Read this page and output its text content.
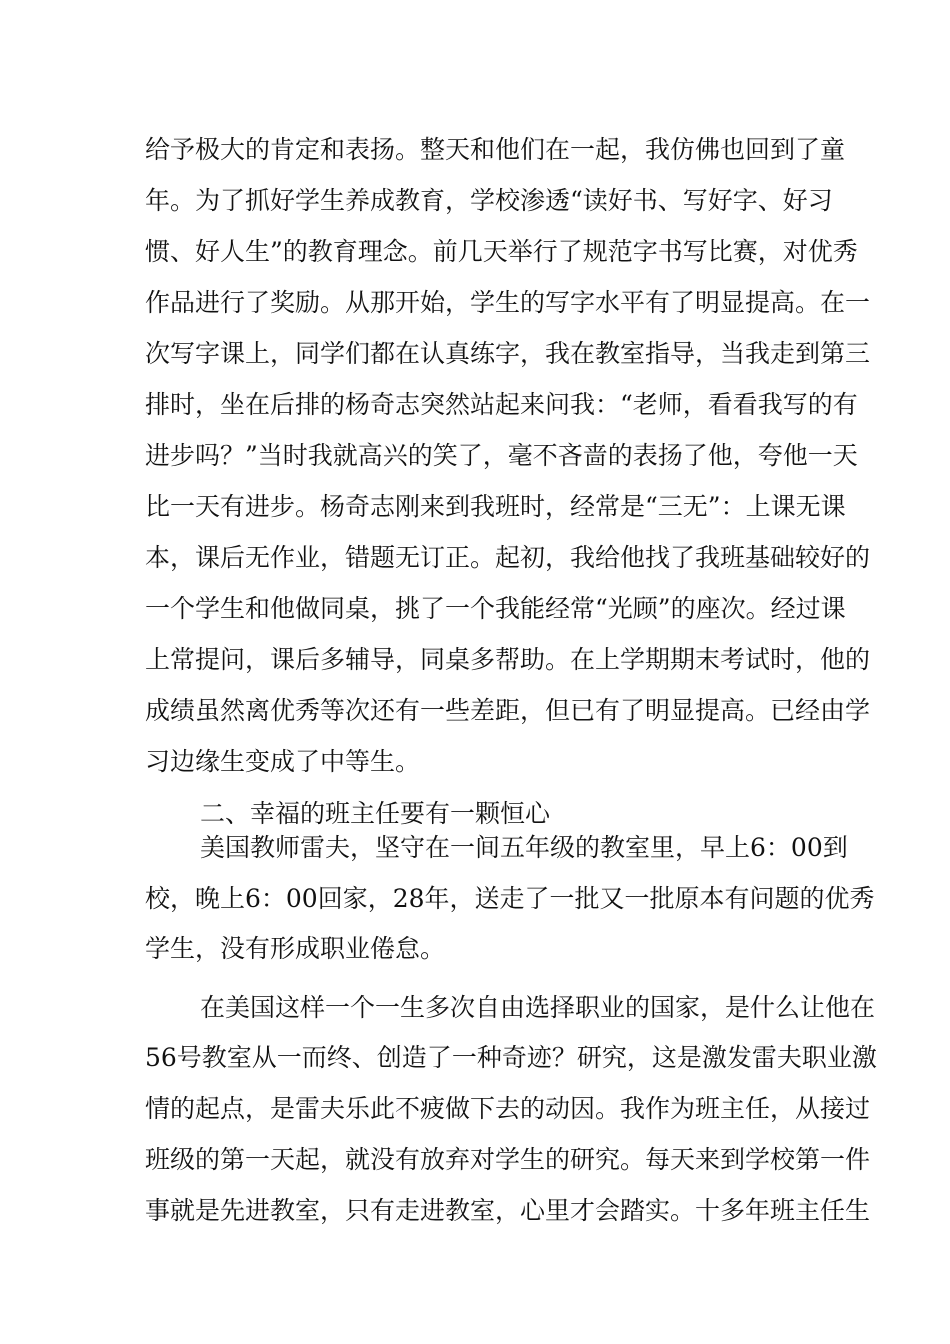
给予极大的肯定和表扬。整天和他们在一起，我仿佛也回到了童
年。为了抓好学生养成教育，学校渗透“读好书、写好字、好习
惯、好人生”的教育理念。前几天举行了规范字书写比赛，对优秀
作品进行了奖励。从那开始，学生的写字水平有了明显提高。在一
次写字课上，同学们都在认真练字，我在教室指导，当我走到第三
排时，坐在后排的杨奇志突然站起来问我：“老师，看看我写的有
进步吗？”当时我就高兴的笑了，毫不吝啬的表扬了他，夸他一天
比一天有进步。杨奇志刚来到我班时，经常是“三无”：上课无课
本，课后无作业，错题无订正。起初，我给他找了我班基础较好的
一个学生和他做同桌，挑了一个我能经常“光顾”的座次。经过课
上常提问，课后多辅导，同桌多帮助。在上学期期末考试时，他的
成绩虽然离优秀等次还有一些差距，但已有了明显提高。已经由学
习边缘生变成了中等生。
二、幸福的班主任要有一颗恒心
美国教师雷夫，坚守在一间五年级的教室里，早上6：00到
校，晚上6：00回家，28年，送走了一批又一批原本有问题的优秀
学生，没有形成职业倦怠。
在美国这样一个一生多次自由选择职业的国家，是什么让他在
56号教室从一而终、创造了一种奇迹？研究，这是激发雷夫职业激
情的起点，是雷夫乐此不疲做下去的动因。我作为班主任，从接过
班级的第一天起，就没有放弃对学生的研究。每天来到学校第一件
事就是先进教室，只有走进教室，心里才会踏实。十多年班主任生
